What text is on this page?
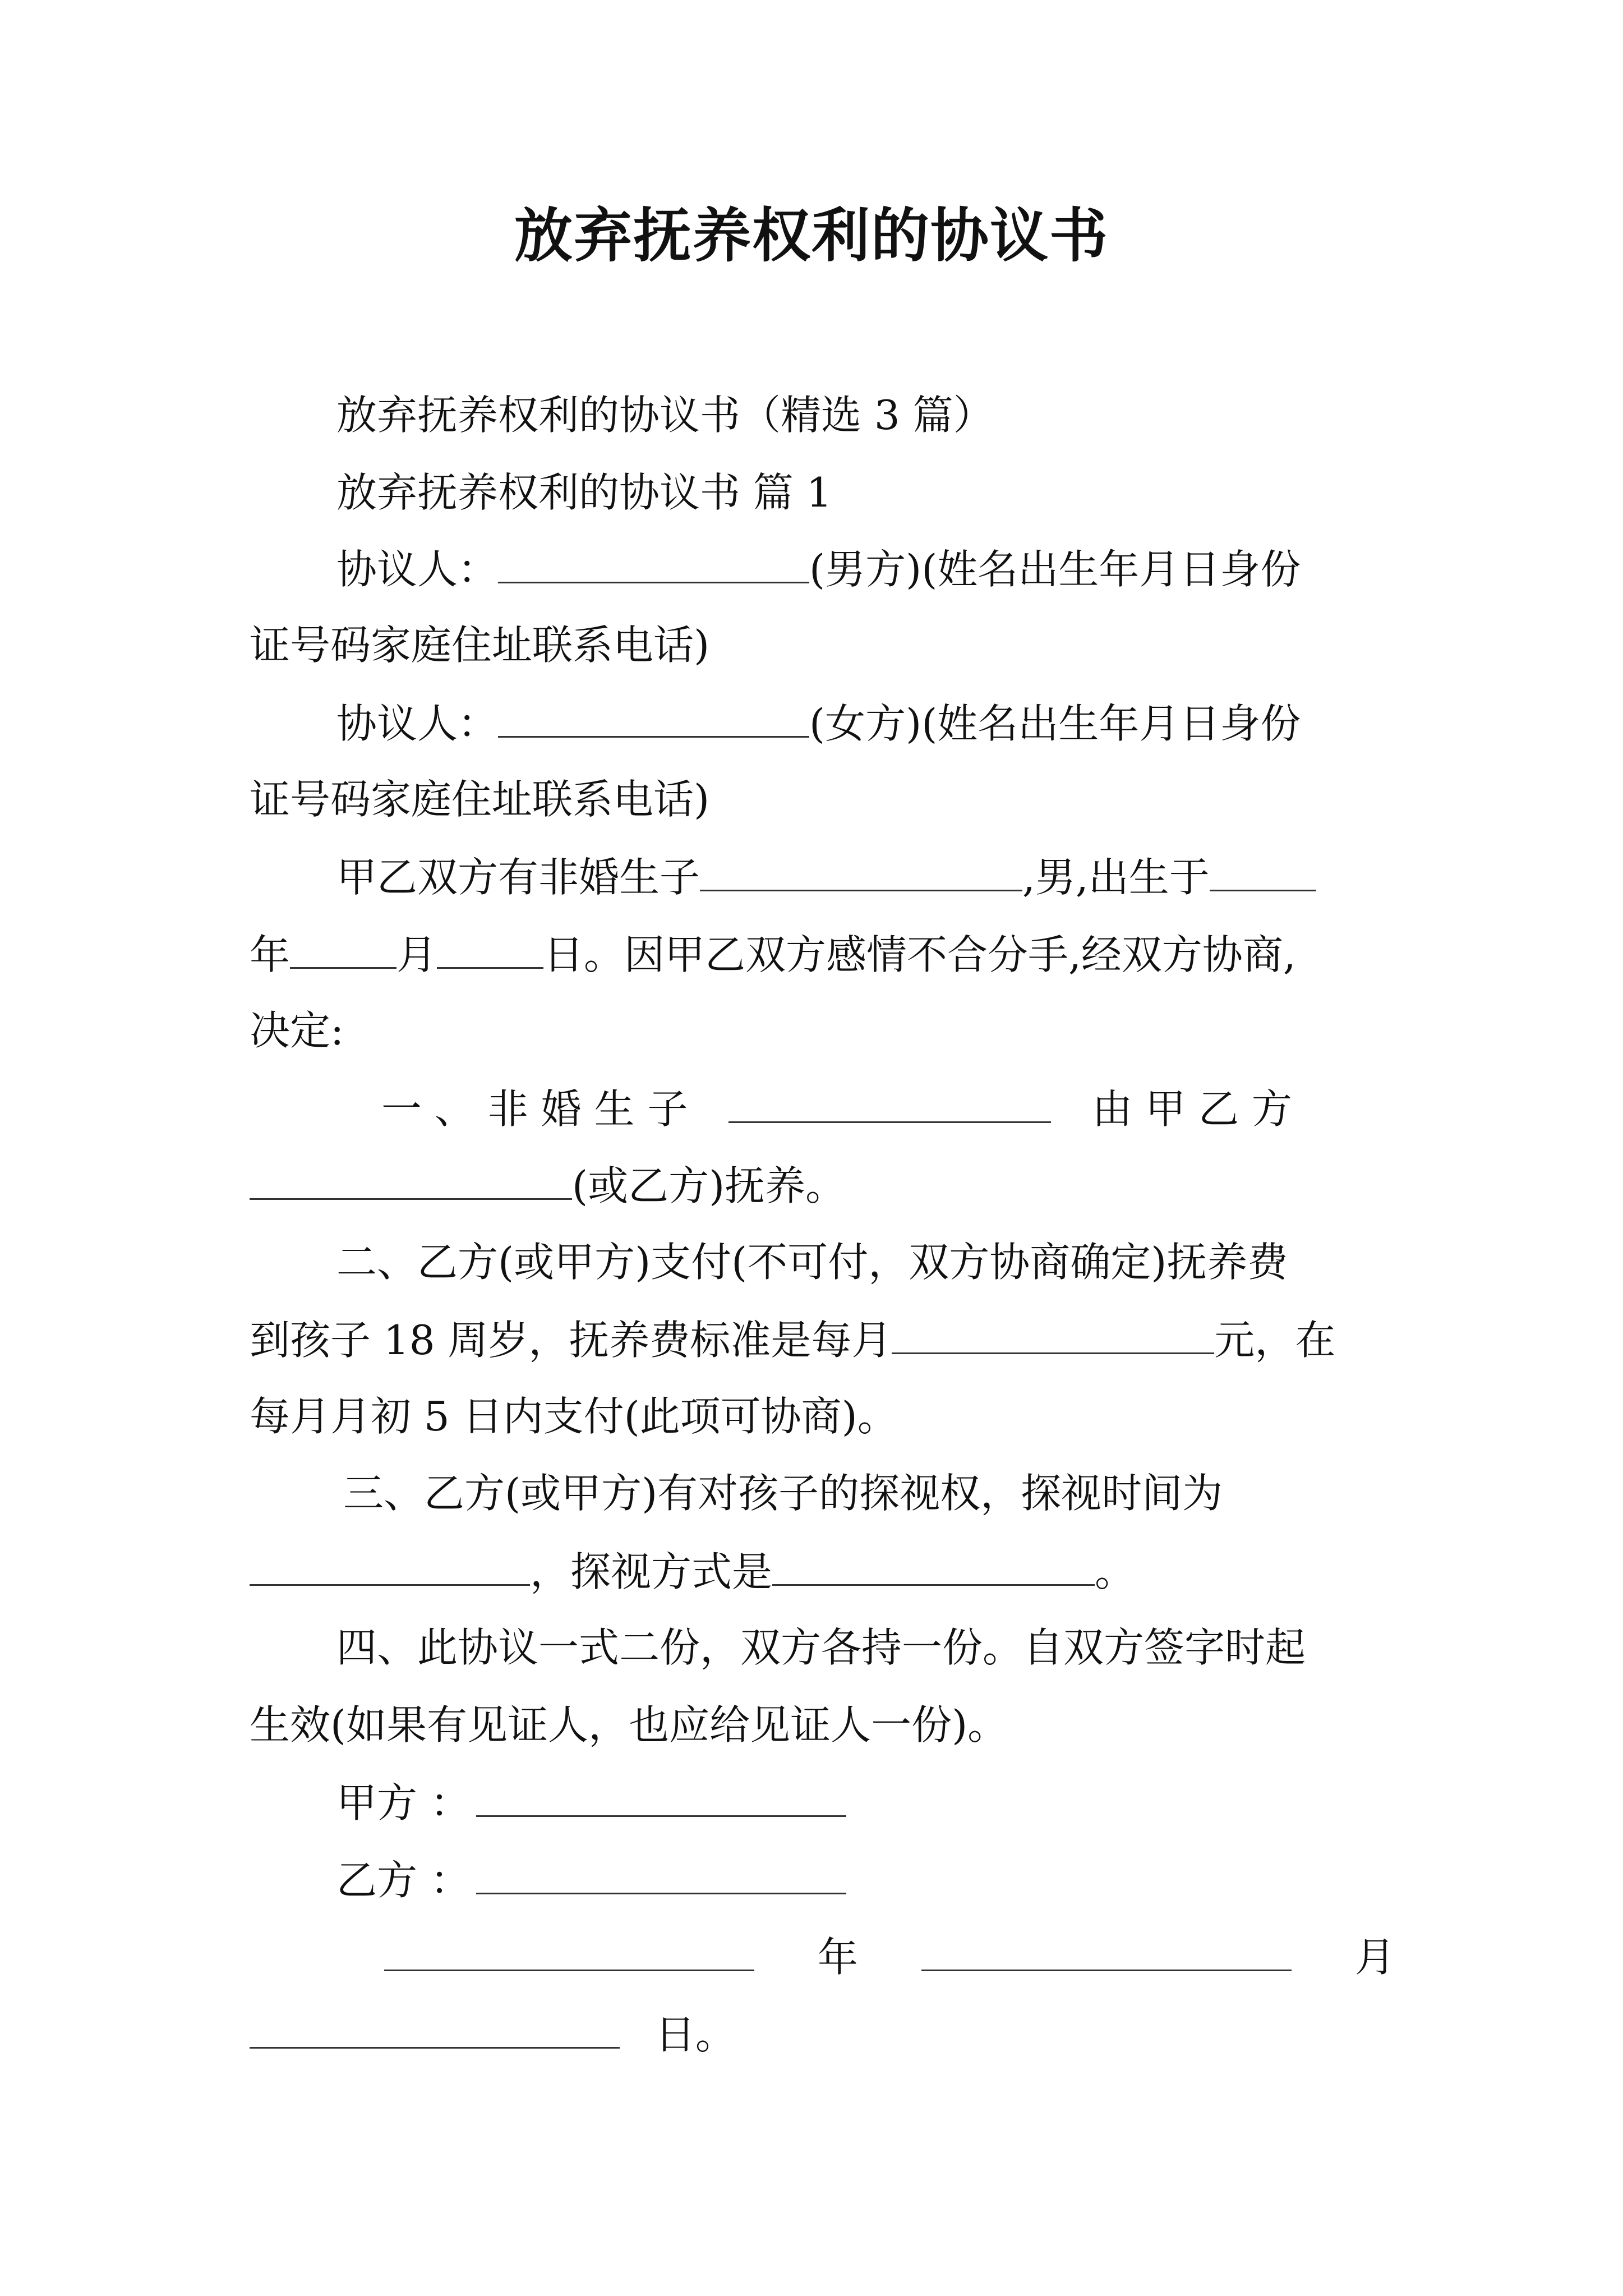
放弃抚养权利的协议书
放弃抚养权利的协议书（精选 3 篇）
放弃抚养权利的协议书 篇 1
协议人：	(男方)(姓名出生年月日身份
证号码家庭住址联系电话)
协议人：	(女方)(姓名出生年月日身份
证号码家庭住址联系电话)
甲乙双方有非婚生子	,男,出生于
年	月	日。因甲乙双方感情不合分手,经双方协商,
决定:
一 、 非 婚 生 子	由 甲 乙 方
(或乙方)抚养。
二、乙方(或甲方)支付(不可付，双方协商确定)抚养费
到孩子 18 周岁，抚养费标准是每月	元，在
每月月初 5 日内支付(此项可协商)。
三、乙方(或甲方)有对孩子的探视权，探视时间为
，探视方式是	。
四、此协议一式二份，双方各持一份。自双方签字时起
生效(如果有见证人，也应给见证人一份)。
甲方 ：
乙方 ：
年	月
日。
